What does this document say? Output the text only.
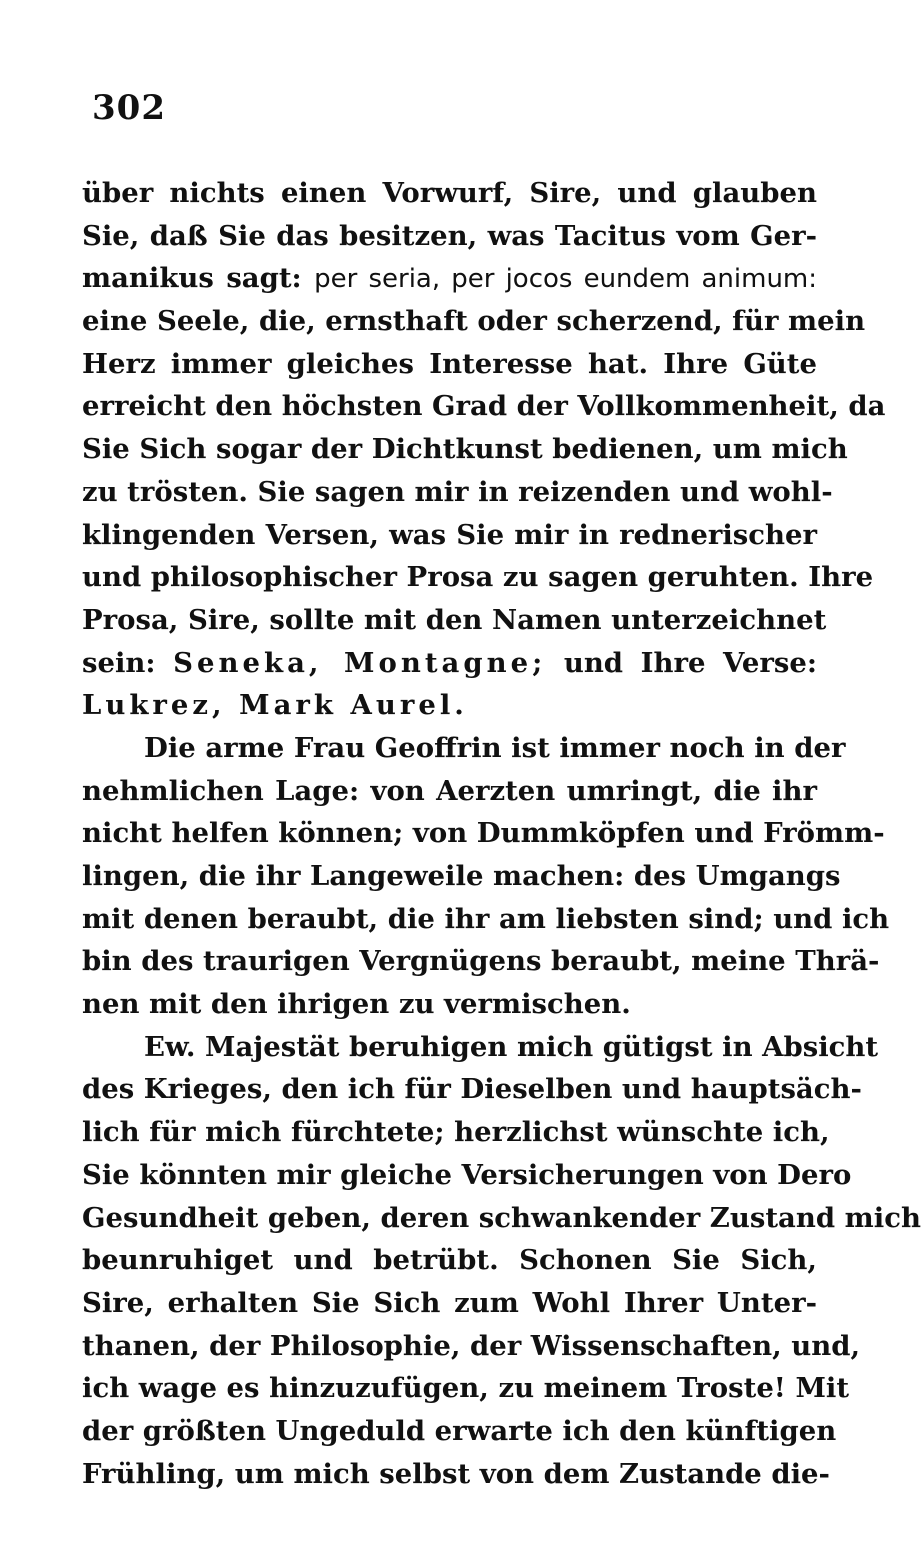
302
über nichts einen Vorwurf, Sire, und glauben
Sie, daß Sie das besitzen, was Tacitus vom Ger-
manikus sagt: per seria, per jocos eundem animum:
eine Seele, die, ernsthaft oder scherzend, für mein
Herz immer gleiches Interesse hat. Ihre Güte
erreicht den höchsten Grad der Vollkommenheit, da
Sie Sich sogar der Dichtkunst bedienen, um mich
zu trösten. Sie sagen mir in reizenden und wohl-
klingenden Versen, was Sie mir in rednerischer
und philosophischer Prosa zu sagen geruhten. Ihre
Prosa, Sire, sollte mit den Namen unterzeichnet
sein: Seneka, Montagne; und Ihre Verse:
Lukrez, Mark Aurel.
Die arme Frau Geoffrin ist immer noch in der
nehmlichen Lage: von Aerzten umringt, die ihr
nicht helfen können; von Dummköpfen und Frömm-
lingen, die ihr Langeweile machen: des Umgangs
mit denen beraubt, die ihr am liebsten sind; und ich
bin des traurigen Vergnügens beraubt, meine Thrä-
nen mit den ihrigen zu vermischen.
Ew. Majestät beruhigen mich gütigst in Absicht
des Krieges, den ich für Dieselben und hauptsäch-
lich für mich fürchtete; herzlichst wünschte ich,
Sie könnten mir gleiche Versicherungen von Dero
Gesundheit geben, deren schwankender Zustand mich
beunruhiget und betrübt. Schonen Sie Sich,
Sire, erhalten Sie Sich zum Wohl Ihrer Unter-
thanen, der Philosophie, der Wissenschaften, und,
ich wage es hinzuzufügen, zu meinem Troste! Mit
der größten Ungeduld erwarte ich den künftigen
Frühling, um mich selbst von dem Zustande die-
